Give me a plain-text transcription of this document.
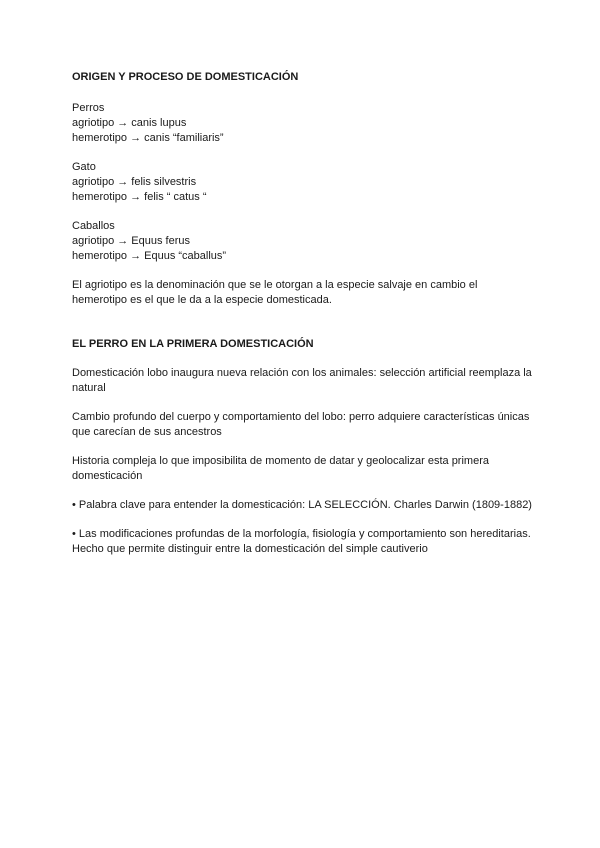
ORIGEN Y PROCESO DE DOMESTICACIÓN

Perros

agriotipo → canis lupus

hemerotipo → canis “familiaris”

Gato

agriotipo → felis silvestris

hemerotipo → felis “ catus “

Caballos

agriotipo → Equus ferus

hemerotipo → Equus “caballus”

El agriotipo es la denominación que se le otorgan a la especie salvaje en cambio el hemerotipo es el que le da a la especie domesticada.

EL PERRO EN LA PRIMERA DOMESTICACIÓN

Domesticación lobo inaugura nueva relación con los animales: selección artificial reemplaza la natural

Cambio profundo del cuerpo y comportamiento del lobo: perro adquiere características únicas que carecían de sus ancestros

Historia compleja lo que imposibilita de momento de datar y geolocalizar esta primera domesticación

• Palabra clave para entender la domesticación: LA SELECCIÓN. Charles Darwin (1809-1882)

• Las modificaciones profundas de la morfología, fisiología y comportamiento son hereditarias. Hecho que permite distinguir entre la domesticación del simple cautiverio
